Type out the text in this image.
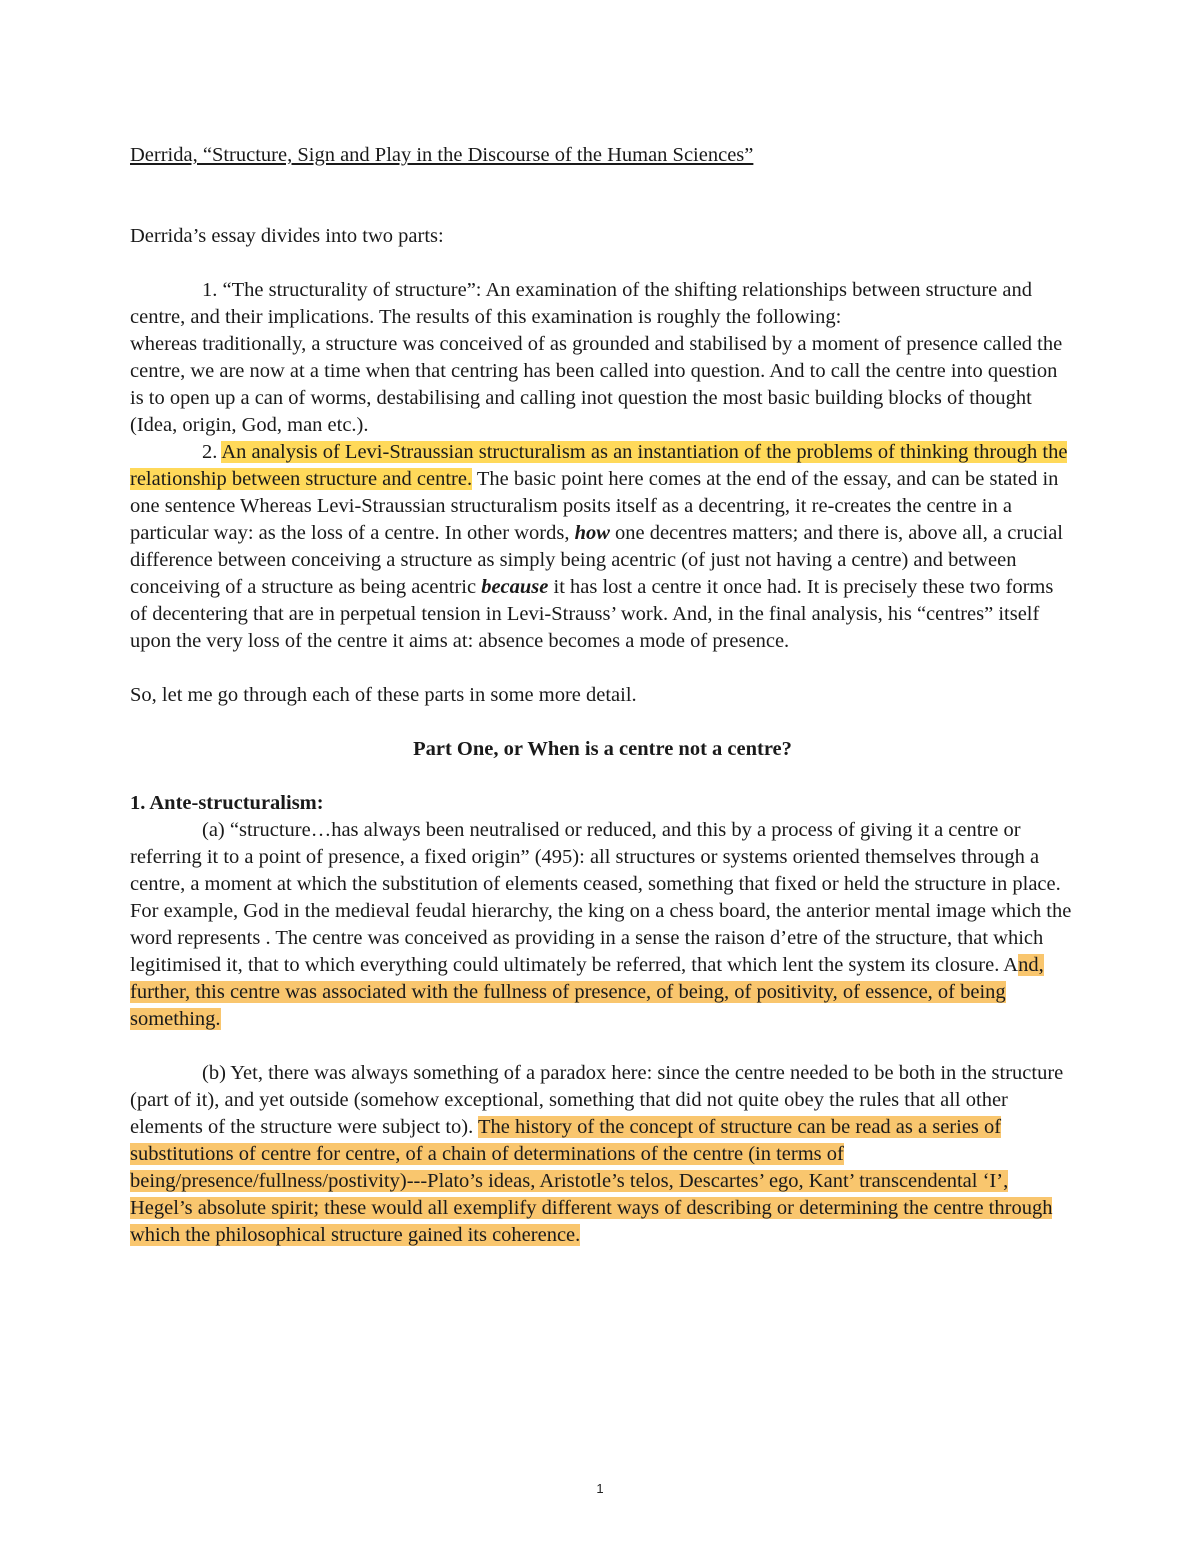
Derrida, “Structure, Sign and Play in the Discourse of the Human Sciences”

Derrida’s essay divides into two parts:

1. “The structurality of structure”: An examination of the shifting relationships between structure and centre, and their implications. The results of this examination is roughly the following:

whereas traditionally, a structure was conceived of as grounded and stabilised by a moment of presence called the centre, we are now at a time when that centring has been called into question. And to call the centre into question is to open up a can of worms, destabilising and calling inot question the most basic building blocks of thought (Idea, origin, God, man etc.).

2. An analysis of Levi-Straussian structuralism as an instantiation of the problems of thinking through the relationship between structure and centre. The basic point here comes at the end of the essay, and can be stated in one sentence Whereas Levi-Straussian structuralism posits itself as a decentring, it re-creates the centre in a particular way: as the loss of a centre. In other words, how one decentres matters; and there is, above all, a crucial difference between conceiving a structure as simply being acentric (of just not having a centre) and between conceiving of a structure as being acentric because it has lost a centre it once had. It is precisely these two forms of decentering that are in perpetual tension in Levi-Strauss’ work. And, in the final analysis, his “centres” itself upon the very loss of the centre it aims at: absence becomes a mode of presence.

So, let me go through each of these parts in some more detail.

Part One, or When is a centre not a centre?

1. Ante-structuralism:

(a) “structure…has always been neutralised or reduced, and this by a process of giving it a centre or referring it to a point of presence, a fixed origin” (495): all structures or systems oriented themselves through a centre, a moment at which the substitution of elements ceased, something that fixed or held the structure in place. For example, God in the medieval feudal hierarchy, the king on a chess board, the anterior mental image which the word represents . The centre was conceived as providing in a sense the raison d’etre of the structure, that which legitimised it, that to which everything could ultimately be referred, that which lent the system its closure. And, further, this centre was associated with the fullness of presence, of being, of positivity, of essence, of being something.

(b) Yet, there was always something of a paradox here: since the centre needed to be both in the structure (part of it), and yet outside (somehow exceptional, something that did not quite obey the rules that all other elements of the structure were subject to). The history of the concept of structure can be read as a series of substitutions of centre for centre, of a chain of determinations of the centre (in terms of being/presence/fullness/postivity)---Plato’s ideas, Aristotle’s telos, Descartes’ ego, Kant’ transcendental ‘I’, Hegel’s absolute spirit; these would all exemplify different ways of describing or determining the centre through which the philosophical structure gained its coherence.

1
